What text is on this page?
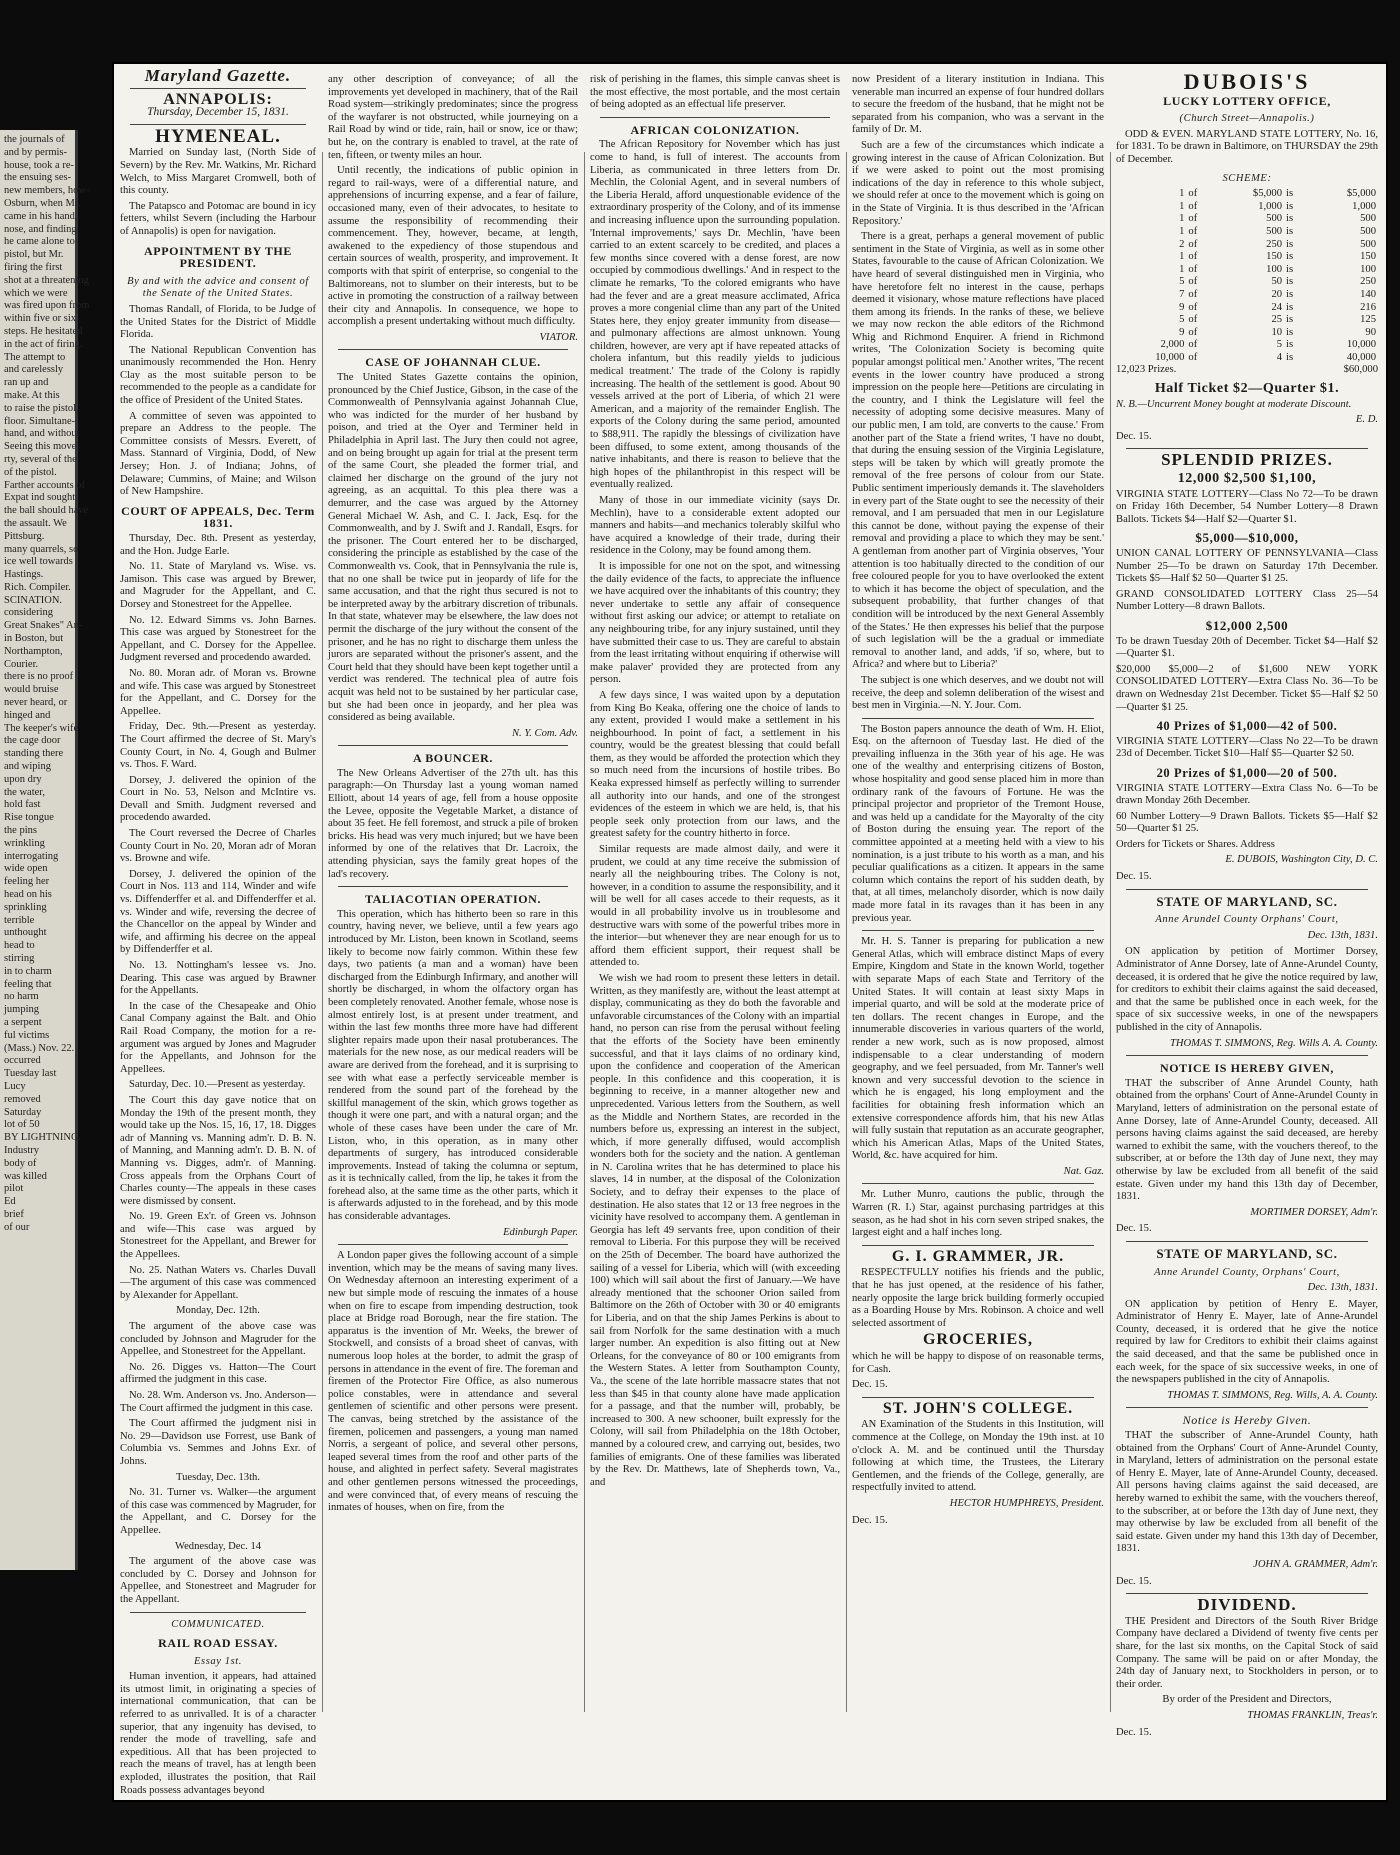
the journals of
and by permis-
house, took a re-
the ensuing ses-
new members, how-
Osburn, when Mr.
came in his hand,
nose, and finding
he came alone to
pistol, but Mr.
firing the first
shot at a threatening
which we were
was fired upon from
within five or six
steps. He hesitated
in the act of firing.
The attempt to
and carelessly
ran up and
make. At this
to raise the pistol,
floor. Simultane-
hand, and without
Seeing this move-
rty, several of the
of the pistol.
Farther accounts of
Expat ind sought
the ball should have
the assault. We
Pittsburg.
many quarrels, so
ice well towards
Hastings.
Rich. Compiler.
SCINATION.
considering
Great Snakes" An-
in Boston, but
Northampton,
Courier.
there is no proof
would bruise
never heard, or
hinged and
The keeper's wife
the cage door
standing there
and wiping
upon dry
the water,
hold fast
Rise tongue
the pins
wrinkling
interrogating
wide open
feeling her
head on his
sprinkling
terrible
unthought
head to
stirring
in to charm
feeling that
no harm
jumping
a serpent
ful victims
(Mass.) Nov. 22.
occurred
Tuesday last
Lucy
removed
Saturday
lot of 50
BY LIGHTNING.
Industry
body of
was killed
pilot
Ed
brief
of our
Maryland Gazette.
ANNAPOLIS:
Thursday, December 15, 1831.
HYMENEAL.
Married on Sunday last, (North Side of Severn) by the Rev. Mr. Watkins, Mr. Richard Welch, to Miss Margaret Cromwell, both of this county.
The Patapsco and Potomac are bound in icy fetters, whilst Severn (including the Harbour of Annapolis) is open for navigation.
APPOINTMENT BY THE PRESIDENT.
By and with the advice and consent of the Senate of the United States.
Thomas Randall, of Florida, to be Judge of the United States for the District of Middle Florida.
The National Republican Convention has unanimously recommended the Hon. Henry Clay as the most suitable person to be recommended to the people as a candidate for the office of President of the United States.
A committee of seven was appointed to prepare an Address to the people. The Committee consists of Messrs. Everett, of Mass. Stannard of Virginia, Dodd, of New Jersey; Hon. J. of Indiana; Johns, of Delaware; Cummins, of Maine; and Wilson of New Hampshire.
COURT OF APPEALS, Dec. Term 1831.
Thursday, Dec. 8th. Present as yesterday, and the Hon. Judge Earle.
No. 11. State of Maryland vs. Wise. vs. Jamison. This case was argued by Brewer, and Magruder for the Appellant, and C. Dorsey and Stonestreet for the Appellee.
No. 12. Edward Simms vs. John Barnes. This case was argued by Stonestreet for the Appellant, and C. Dorsey for the Appellee. Judgment reversed and procedendo awarded.
No. 80. Moran adr. of Moran vs. Browne and wife. This case was argued by Stonestreet for the Appellant, and C. Dorsey for the Appellee.
Friday, Dec. 9th.—Present as yesterday. The Court affirmed the decree of St. Mary's County Court, in No. 4, Gough and Bulmer vs. Thos. F. Ward.
Dorsey, J. delivered the opinion of the Court in No. 53, Nelson and McIntire vs. Devall and Smith. Judgment reversed and procedendo awarded.
The Court reversed the Decree of Charles County Court in No. 20, Moran adr of Moran vs. Browne and wife.
Dorsey, J. delivered the opinion of the Court in Nos. 113 and 114, Winder and wife vs. Diffenderffer et al. and Diffenderffer et al. vs. Winder and wife, reversing the decree of the Chancellor on the appeal by Winder and wife, and affirming his decree on the appeal by Diffenderffer et al.
No. 13. Nottingham's lessee vs. Jno. Dearing. This case was argued by Brawner for the Appellants.
In the case of the Chesapeake and Ohio Canal Company against the Balt. and Ohio Rail Road Company, the motion for a re-argument was argued by Jones and Magruder for the Appellants, and Johnson for the Appellees.
Saturday, Dec. 10.—Present as yesterday.
The Court this day gave notice that on Monday the 19th of the present month, they would take up the Nos. 15, 16, 17, 18. Digges adr of Manning vs. Manning adm'r. D. B. N. of Manning, and Manning adm'r. D. B. N. of Manning vs. Digges, adm'r. of Manning. Cross appeals from the Orphans Court of Charles county—The appeals in these cases were dismissed by consent.
No. 19. Green Ex'r. of Green vs. Johnson and wife—This case was argued by Stonestreet for the Appellant, and Brewer for the Appellees.
No. 25. Nathan Waters vs. Charles Duvall—The argument of this case was commenced by Alexander for Appellant.
Monday, Dec. 12th.
The argument of the above case was concluded by Johnson and Magruder for the Appellee, and Stonestreet for the Appellant.
No. 26. Digges vs. Hatton—The Court affirmed the judgment in this case.
No. 28. Wm. Anderson vs. Jno. Anderson—The Court affirmed the judgment in this case.
The Court affirmed the judgment nisi in No. 29—Davidson use Forrest, use Bank of Columbia vs. Semmes and Johns Exr. of Johns.
Tuesday, Dec. 13th.
No. 31. Turner vs. Walker—the argument of this case was commenced by Magruder, for the Appellant, and C. Dorsey for the Appellee.
Wednesday, Dec. 14
The argument of the above case was concluded by C. Dorsey and Johnson for Appellee, and Stonestreet and Magruder for the Appellant.
COMMUNICATED.
RAIL ROAD ESSAY.
Essay 1st.
Human invention, it appears, had attained its utmost limit, in originating a species of international communication, that can be referred to as unrivalled. It is of a character superior, that any ingenuity has devised, to render the mode of travelling, safe and expeditious. All that has been projected to reach the means of travel, has at length been exploded, illustrates the position, that Rail Roads possess advantages beyond
any other description of conveyance; of all the improvements yet developed in machinery, that of the Rail Road system—strikingly predominates; since the progress of the wayfarer is not obstructed, while journeying on a Rail Road by wind or tide, rain, hail or snow, ice or thaw; but he, on the contrary is enabled to travel, at the rate of ten, fifteen, or twenty miles an hour.
Until recently, the indications of public opinion in regard to rail-ways, were of a differential nature, and apprehensions of incurring expense, and a fear of failure, occasioned many, even of their advocates, to hesitate to assume the responsibility of recommending their commencement. They, however, became, at length, awakened to the expediency of those stupendous and certain sources of wealth, prosperity, and improvement. It comports with that spirit of enterprise, so congenial to the Baltimoreans, not to slumber on their interests, but to be active in promoting the construction of a railway between their city and Annapolis. In consequence, we hope to accomplish a present undertaking without much difficulty.
VIATOR.
CASE OF JOHANNAH CLUE.
The United States Gazette contains the opinion, pronounced by the Chief Justice, Gibson, in the case of the Commonwealth of Pennsylvania against Johannah Clue, who was indicted for the murder of her husband by poison, and tried at the Oyer and Terminer held in Philadelphia in April last. The Jury then could not agree, and on being brought up again for trial at the present term of the same Court, she pleaded the former trial, and claimed her discharge on the ground of the jury not agreeing, as an acquittal. To this plea there was a demurrer, and the case was argued by the Attorney General Michael W. Ash, and C. I. Jack, Esq. for the Commonwealth, and by J. Swift and J. Randall, Esqrs. for the prisoner. The Court entered her to be discharged, considering the principle as established by the case of the Commonwealth vs. Cook, that in Pennsylvania the rule is, that no one shall be twice put in jeopardy of life for the same accusation, and that the right thus secured is not to be interpreted away by the arbitrary discretion of tribunals. In that state, whatever may be elsewhere, the law does not permit the discharge of the jury without the consent of the prisoner, and he has no right to discharge them unless the jurors are separated without the prisoner's assent, and the Court held that they should have been kept together until a verdict was rendered. The technical plea of autre fois acquit was held not to be sustained by her particular case, but she had been once in jeopardy, and her plea was considered as being available.
N. Y. Com. Adv.
A BOUNCER.
The New Orleans Advertiser of the 27th ult. has this paragraph:—On Thursday last a young woman named Elliott, about 14 years of age, fell from a house opposite the Levee, opposite the Vegetable Market, a distance of about 35 feet. He fell foremost, and struck a pile of broken bricks. His head was very much injured; but we have been informed by one of the relatives that Dr. Lacroix, the attending physician, says the family great hopes of the lad's recovery.
TALIACOTIAN OPERATION.
This operation, which has hitherto been so rare in this country, having never, we believe, until a few years ago introduced by Mr. Liston, been known in Scotland, seems likely to become now fairly common. Within these few days, two patients (a man and a woman) have been discharged from the Edinburgh Infirmary, and another will shortly be discharged, in whom the olfactory organ has been completely renovated. Another female, whose nose is almost entirely lost, is at present under treatment, and within the last few months three more have had different slighter repairs made upon their nasal protuberances. The materials for the new nose, as our medical readers will be aware are derived from the forehead, and it is surprising to see with what ease a perfectly serviceable member is rendered from the sound part of the forehead by the skillful management of the skin, which grows together as though it were one part, and with a natural organ; and the whole of these cases have been under the care of Mr. Liston, who, in this operation, as in many other departments of surgery, has introduced considerable improvements. Instead of taking the columna or septum, as it is technically called, from the lip, he takes it from the forehead also, at the same time as the other parts, which it is afterwards adjusted to in the forehead, and by this mode has considerable advantages.
Edinburgh Paper.
A London paper gives the following account of a simple invention, which may be the means of saving many lives. On Wednesday afternoon an interesting experiment of a new but simple mode of rescuing the inmates of a house when on fire to escape from impending destruction, took place at Bridge road Borough, near the fire station. The apparatus is the invention of Mr. Weeks, the brewer of Stockwell, and consists of a broad sheet of canvas, with numerous loop holes at the border, to admit the grasp of persons in attendance in the event of fire. The foreman and firemen of the Protector Fire Office, as also numerous police constables, were in attendance and several gentlemen of scientific and other persons were present. The canvas, being stretched by the assistance of the firemen, policemen and passengers, a young man named Norris, a sergeant of police, and several other persons, leaped several times from the roof and other parts of the house, and alighted in perfect safety. Several magistrates and other gentlemen persons witnessed the proceedings, and were convinced that, of every means of rescuing the inmates of houses, when on fire, from the
risk of perishing in the flames, this simple canvas sheet is the most effective, the most portable, and the most certain of being adopted as an effectual life preserver.
AFRICAN COLONIZATION.
The African Repository for November which has just come to hand, is full of interest. The accounts from Liberia, as communicated in three letters from Dr. Mechlin, the Colonial Agent, and in several numbers of the Liberia Herald, afford unquestionable evidence of the extraordinary prosperity of the Colony, and of its immense and increasing influence upon the surrounding population. 'Internal improvements,' says Dr. Mechlin, 'have been carried to an extent scarcely to be credited, and places a few months since covered with a dense forest, are now occupied by commodious dwellings.' And in respect to the climate he remarks, 'To the colored emigrants who have had the fever and are a great measure acclimated, Africa proves a more congenial clime than any part of the United States here, they enjoy greater immunity from disease—and pulmonary affections are almost unknown. Young children, however, are very apt if have repeated attacks of cholera infantum, but this readily yields to judicious medical treatment.' The trade of the Colony is rapidly increasing. The health of the settlement is good. About 90 vessels arrived at the port of Liberia, of which 21 were American, and a majority of the remainder English. The exports of the Colony during the same period, amounted to $88,911. The rapidly the blessings of civilization have been diffused, to some extent, among thousands of the native inhabitants, and there is reason to believe that the high hopes of the philanthropist in this respect will be eventually realized.
Many of those in our immediate vicinity (says Dr. Mechlin), have to a considerable extent adopted our manners and habits—and mechanics tolerably skilful who have acquired a knowledge of their trade, during their residence in the Colony, may be found among them.
It is impossible for one not on the spot, and witnessing the daily evidence of the facts, to appreciate the influence we have acquired over the inhabitants of this country; they never undertake to settle any affair of consequence without first asking our advice; or attempt to retaliate on any neighbouring tribe, for any injury sustained, until they have submitted their case to us. They are careful to abstain from the least irritating without enquiring if otherwise will make palaver' provided they are protected from any person.
A few days since, I was waited upon by a deputation from King Bo Keaka, offering one the choice of lands to any extent, provided I would make a settlement in his neighbourhood. In point of fact, a settlement in his country, would be the greatest blessing that could befall them, as they would be afforded the protection which they so much need from the incursions of hostile tribes. Bo Keaka expressed himself as perfectly willing to surrender all authority into our hands, and one of the strongest evidences of the esteem in which we are held, is, that his people seek only protection from our laws, and the greatest safety for the country hitherto in force.
Similar requests are made almost daily, and were it prudent, we could at any time receive the submission of nearly all the neighbouring tribes. The Colony is not, however, in a condition to assume the responsibility, and it will be well for all cases accede to their requests, as it would in all probability involve us in troublesome and destructive wars with some of the powerful tribes more in the interior—but whenever they are near enough for us to afford them efficient support, their request shall be attended to.
We wish we had room to present these letters in detail. Written, as they manifestly are, without the least attempt at display, communicating as they do both the favorable and unfavorable circumstances of the Colony with an impartial hand, no person can rise from the perusal without feeling that the efforts of the Society have been eminently successful, and that it lays claims of no ordinary kind, upon the confidence and cooperation of the American people. In this confidence and this cooperation, it is beginning to receive, in a manner altogether new and unprecedented. Various letters from the Southern, as well as the Middle and Northern States, are recorded in the numbers before us, expressing an interest in the subject, which, if more generally diffused, would accomplish wonders both for the society and the nation. A gentleman in N. Carolina writes that he has determined to place his slaves, 14 in number, at the disposal of the Colonization Society, and to defray their expenses to the place of destination. He also states that 12 or 13 free negroes in the vicinity have resolved to accompany them. A gentleman in Georgia has left 49 servants free, upon condition of their removal to Liberia. For this purpose they will be received on the 25th of December. The board have authorized the sailing of a vessel for Liberia, which will (with exceeding 100) which will sail about the first of January.—We have already mentioned that the schooner Orion sailed from Baltimore on the 26th of October with 30 or 40 emigrants for Liberia, and on that the ship James Perkins is about to sail from Norfolk for the same destination with a much larger number. An expedition is also fitting out at New Orleans, for the conveyance of 80 or 100 emigrants from the Western States. A letter from Southampton County, Va., the scene of the late horrible massacre states that not less than $45 in that county alone have made application for a passage, and that the number will, probably, be increased to 300. A new schooner, built expressly for the Colony, will sail from Philadelphia on the 18th October, manned by a coloured crew, and carrying out, besides, two families of emigrants. One of these families was liberated by the Rev. Dr. Matthews, late of Shepherds town, Va., and
now President of a literary institution in Indiana. This venerable man incurred an expense of four hundred dollars to secure the freedom of the husband, that he might not be separated from his companion, who was a servant in the family of Dr. M.
Such are a few of the circumstances which indicate a growing interest in the cause of African Colonization. But if we were asked to point out the most promising indications of the day in reference to this whole subject, we should refer at once to the movement which is going on in the State of Virginia. It is thus described in the 'African Repository.'
There is a great, perhaps a general movement of public sentiment in the State of Virginia, as well as in some other States, favourable to the cause of African Colonization. We have heard of several distinguished men in Virginia, who have heretofore felt no interest in the cause, perhaps deemed it visionary, whose mature reflections have placed them among its friends. In the ranks of these, we believe we may now reckon the able editors of the Richmond Whig and Richmond Enquirer. A friend in Richmond writes, 'The Colonization Society is becoming quite popular amongst political men.' Another writes, 'The recent events in the lower country have produced a strong impression on the people here—Petitions are circulating in the country, and I think the Legislature will feel the necessity of adopting some decisive measures. Many of our public men, I am told, are converts to the cause.' From another part of the State a friend writes, 'I have no doubt, that during the ensuing session of the Virginia Legislature, steps will be taken by which will greatly promote the removal of the free persons of colour from our State. Public sentiment imperiously demands it. The slaveholders in every part of the State ought to see the necessity of their removal, and I am persuaded that men in our Legislature this cannot be done, without paying the expense of their removal and providing a place to which they may be sent.' A gentleman from another part of Virginia observes, 'Your attention is too habitually directed to the condition of our free coloured people for you to have overlooked the extent to which it has become the object of speculation, and the subsequent probability, that further changes of that condition will be introduced by the next General Assembly of the States.' He then expresses his belief that the purpose of such legislation will be the a gradual or immediate removal to another land, and adds, 'if so, where, but to Africa? and where but to Liberia?'
The subject is one which deserves, and we doubt not will receive, the deep and solemn deliberation of the wisest and best men in Virginia.—N. Y. Jour. Com.
The Boston papers announce the death of Wm. H. Eliot, Esq. on the afternoon of Tuesday last. He died of the prevailing influenza in the 36th year of his age. He was one of the wealthy and enterprising citizens of Boston, whose hospitality and good sense placed him in more than ordinary rank of the favours of Fortune. He was the principal projector and proprietor of the Tremont House, and was held up a candidate for the Mayoralty of the city of Boston during the ensuing year. The report of the committee appointed at a meeting held with a view to his nomination, is a just tribute to his worth as a man, and his peculiar qualifications as a citizen. It appears in the same column which contains the report of his sudden death, by that, at all times, melancholy disorder, which is now daily made more fatal in its ravages than it has been in any previous year.
Mr. H. S. Tanner is preparing for publication a new General Atlas, which will embrace distinct Maps of every Empire, Kingdom and State in the known World, together with separate Maps of each State and Territory of the United States. It will contain at least sixty Maps in imperial quarto, and will be sold at the moderate price of ten dollars. The recent changes in Europe, and the innumerable discoveries in various quarters of the world, render a new work, such as is now proposed, almost indispensable to a clear understanding of modern geography, and we feel persuaded, from Mr. Tanner's well known and very successful devotion to the science in which he is engaged, his long employment and the facilities for obtaining fresh information which an extensive correspondence affords him, that his new Atlas will fully sustain that reputation as an accurate geographer, which his American Atlas, Maps of the United States, World, &c. have acquired for him.
Nat. Gaz.
Mr. Luther Munro, cautions the public, through the Warren (R. I.) Star, against purchasing partridges at this season, as he had shot in his corn seven striped snakes, the largest eight and a half inches long.
G. I. GRAMMER, JR.
RESPECTFULLY notifies his friends and the public, that he has just opened, at the residence of his father, nearly opposite the large brick building formerly occupied as a Boarding House by Mrs. Robinson. A choice and well selected assortment of
GROCERIES,
which he will be happy to dispose of on reasonable terms, for Cash.
Dec. 15.
ST. JOHN'S COLLEGE.
AN Examination of the Students in this Institution, will commence at the College, on Monday the 19th inst. at 10 o'clock A. M. and be continued until the Thursday following at which time, the Trustees, the Literary Gentlemen, and the friends of the College, generally, are respectfully invited to attend.
HECTOR HUMPHREYS, President.
Dec. 15.
DUBOIS'S
LUCKY LOTTERY OFFICE,
(Church Street—Annapolis.)
ODD & EVEN. MARYLAND STATE LOTTERY, No. 16, for 1831. To be drawn in Baltimore, on THURSDAY the 29th of December.
SCHEME:
1	of	$5,000	is	$5,000
1	of	1,000	is	1,000
1	of	500	is	500
1	of	500	is	500
2	of	250	is	500
1	of	150	is	150
1	of	100	is	100
5	of	50	is	250
7	of	20	is	140
9	of	24	is	216
5	of	25	is	125
9	of	10	is	90
2,000	of	5	is	10,000
10,000	of	4	is	40,000
12,023 Prizes.	$60,000
Half Ticket $2—Quarter $1.
N. B.—Uncurrent Money bought at moderate Discount.
E. D.
Dec. 15.
SPLENDID PRIZES.
12,000 $2,500 $1,100,
VIRGINIA STATE LOTTERY—Class No 72—To be drawn on Friday 16th December, 54 Number Lottery—8 Drawn Ballots. Tickets $4—Half $2—Quarter $1.
$5,000—$10,000,
UNION CANAL LOTTERY OF PENNSYLVANIA—Class Number 25—To be drawn on Saturday 17th December. Tickets $5—Half $2 50—Quarter $1 25.
GRAND CONSOLIDATED LOTTERY Class 25—54 Number Lottery—8 drawn Ballots.
$12,000 2,500
To be drawn Tuesday 20th of December. Ticket $4—Half $2—Quarter $1.
$20,000 $5,000—2 of $1,600 NEW YORK CONSOLIDATED LOTTERY—Extra Class No. 36—To be drawn on Wednesday 21st December. Ticket $5—Half $2 50—Quarter $1 25.
40 Prizes of $1,000—42 of 500.
VIRGINIA STATE LOTTERY—Class No 22—To be drawn 23d of December. Ticket $10—Half $5—Quarter $2 50.
20 Prizes of $1,000—20 of 500.
VIRGINIA STATE LOTTERY—Extra Class No. 6—To be drawn Monday 26th December.
60 Number Lottery—9 Drawn Ballots. Tickets $5—Half $2 50—Quarter $1 25.
Orders for Tickets or Shares. Address
E. DUBOIS, Washington City, D. C.
Dec. 15.
STATE OF MARYLAND, SC.
Anne Arundel County Orphans' Court,
Dec. 13th, 1831.
ON application by petition of Mortimer Dorsey, Administrator of Anne Dorsey, late of Anne-Arundel County, deceased, it is ordered that he give the notice required by law, for creditors to exhibit their claims against the said deceased, and that the same be published once in each week, for the space of six successive weeks, in one of the newspapers published in the city of Annapolis.
THOMAS T. SIMMONS, Reg. Wills A. A. County.
NOTICE IS HEREBY GIVEN,
THAT the subscriber of Anne Arundel County, hath obtained from the orphans' Court of Anne-Arundel County in Maryland, letters of administration on the personal estate of Anne Dorsey, late of Anne-Arundel County, deceased. All persons having claims against the said deceased, are hereby warned to exhibit the same, with the vouchers thereof, to the subscriber, at or before the 13th day of June next, they may otherwise by law be excluded from all benefit of the said estate. Given under my hand this 13th day of December, 1831.
MORTIMER DORSEY, Adm'r.
Dec. 15.
STATE OF MARYLAND, SC.
Anne Arundel County, Orphans' Court,
Dec. 13th, 1831.
ON application by petition of Henry E. Mayer, Administrator of Henry E. Mayer, late of Anne-Arundel County, deceased, it is ordered that he give the notice required by law for Creditors to exhibit their claims against the said deceased, and that the same be published once in each week, for the space of six successive weeks, in one of the newspapers published in the city of Annapolis.
THOMAS T. SIMMONS, Reg. Wills, A. A. County.
Notice is Hereby Given.
THAT the subscriber of Anne-Arundel County, hath obtained from the Orphans' Court of Anne-Arundel County, in Maryland, letters of administration on the personal estate of Henry E. Mayer, late of Anne-Arundel County, deceased. All persons having claims against the said deceased, are hereby warned to exhibit the same, with the vouchers thereof, to the subscriber, at or before the 13th day of June next, they may otherwise by law be excluded from all benefit of the said estate. Given under my hand this 13th day of December, 1831.
JOHN A. GRAMMER, Adm'r.
Dec. 15.
DIVIDEND.
THE President and Directors of the South River Bridge Company have declared a Dividend of twenty five cents per share, for the last six months, on the Capital Stock of said Company. The same will be paid on or after Monday, the 24th day of January next, to Stockholders in person, or to their order.
By order of the President and Directors,
THOMAS FRANKLIN, Treas'r.
Dec. 15.
